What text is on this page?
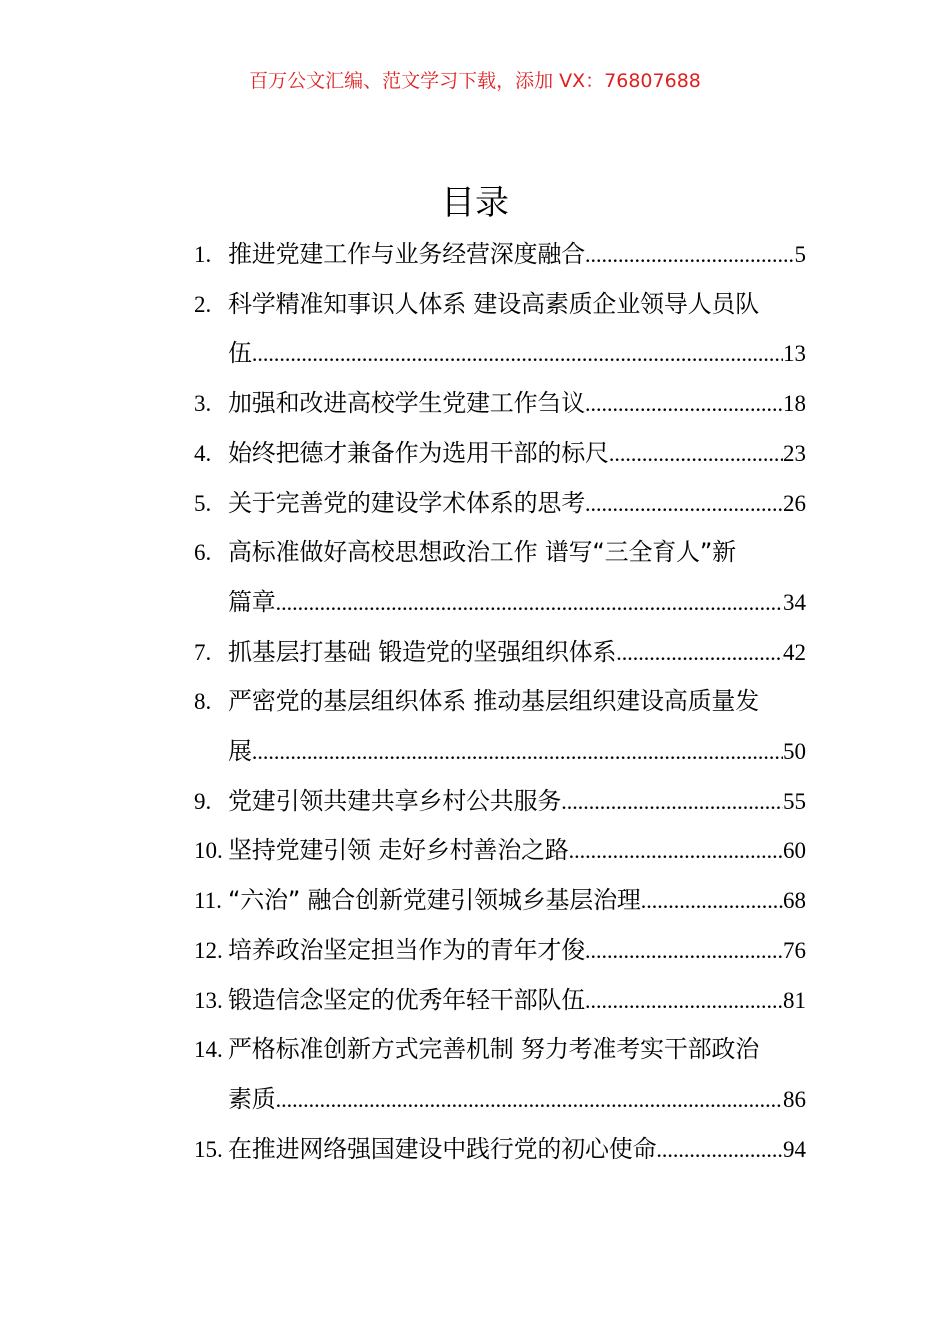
百万公文汇编、范文学习下载，添加 VX：76807688
目录
1. 推进党建工作与业务经营深度融合 .....	5
2. 科学精准知事识人体系 建设高素质企业领导人员队
伍 .....	13
3. 加强和改进高校学生党建工作刍议 .....	18
4. 始终把德才兼备作为选用干部的标尺 .....	23
5. 关于完善党的建设学术体系的思考 .....	26
6. 高标准做好高校思想政治工作 谱写“三全育人”新
篇章 .....	34
7. 抓基层打基础 锻造党的坚强组织体系 .....	42
8. 严密党的基层组织体系 推动基层组织建设高质量发
展 .....	50
9. 党建引领共建共享乡村公共服务 .....	55
10. 坚持党建引领 走好乡村善治之路 .....	60
11. “六治” 融合创新党建引领城乡基层治理 .....	68
12. 培养政治坚定担当作为的青年才俊 .....	76
13. 锻造信念坚定的优秀年轻干部队伍 .....	81
14. 严格标准创新方式完善机制 努力考准考实干部政治
素质 .....	86
15. 在推进网络强国建设中践行党的初心使命 .....	94
